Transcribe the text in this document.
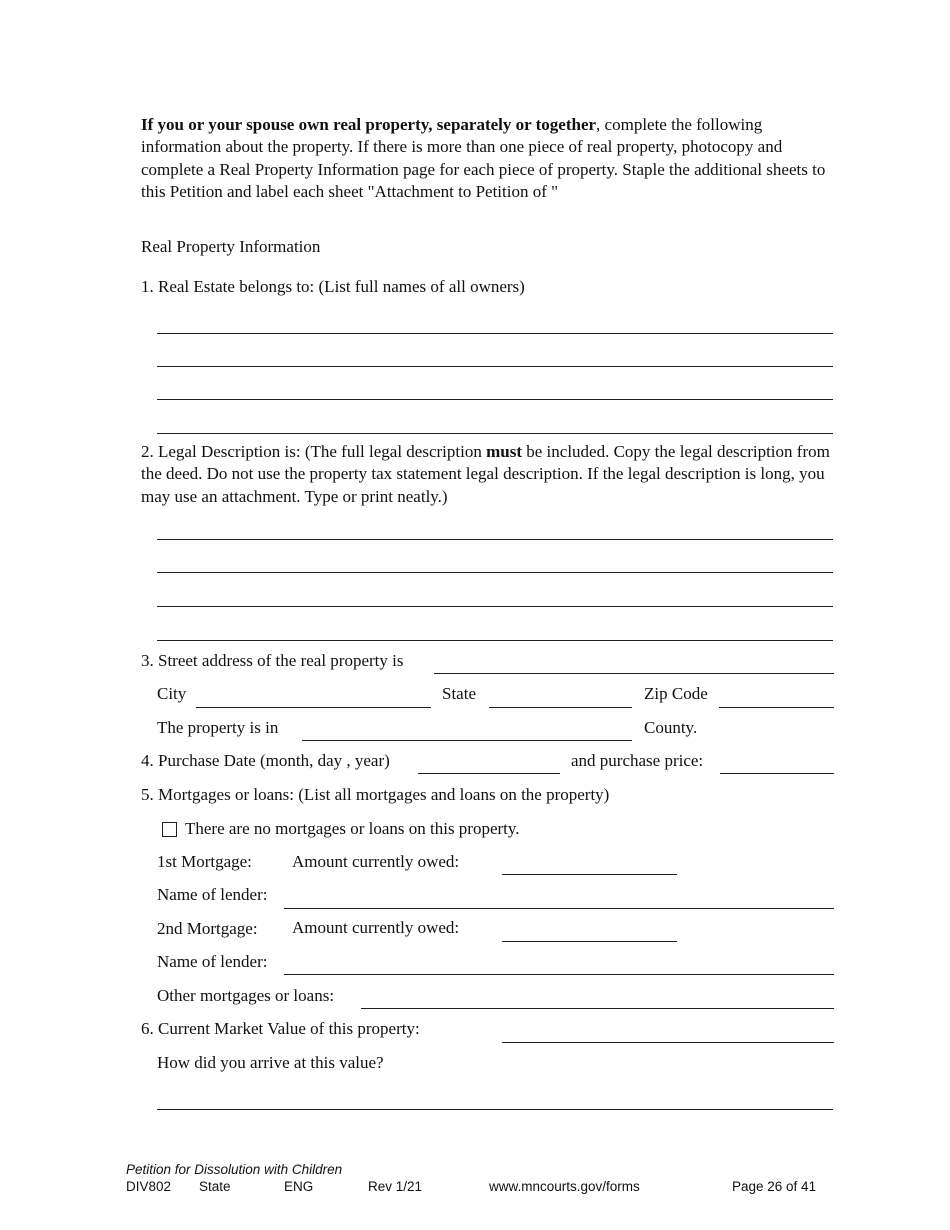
If you or your spouse own real property, separately or together, complete the following information about the property. If there is more than one piece of real property, photocopy and complete a Real Property Information page for each piece of property. Staple the additional sheets to this Petition and label each sheet "Attachment to Petition of "
Real Property Information
1. Real Estate belongs to: (List full names of all owners)
2. Legal Description is: (The full legal description must be included. Copy the legal description from the deed. Do not use the property tax statement legal description. If the legal description is long, you may use an attachment. Type or print neatly.)
3. Street address of the real property is
City	State	Zip Code
The property is in	County.
4. Purchase Date (month, day , year)	and purchase price:
5. Mortgages or loans: (List all mortgages and loans on the property)
There are no mortgages or loans on this property.
1st Mortgage: Amount currently owed:
Name of lender:
2nd Mortgage: Amount currently owed:
Name of lender:
Other mortgages or loans:
6. Current Market Value of this property:
How did you arrive at this value?
Petition for Dissolution with Children
DIV802 State	ENG	Rev 1/21	www.mncourts.gov/forms	Page 26 of 41
